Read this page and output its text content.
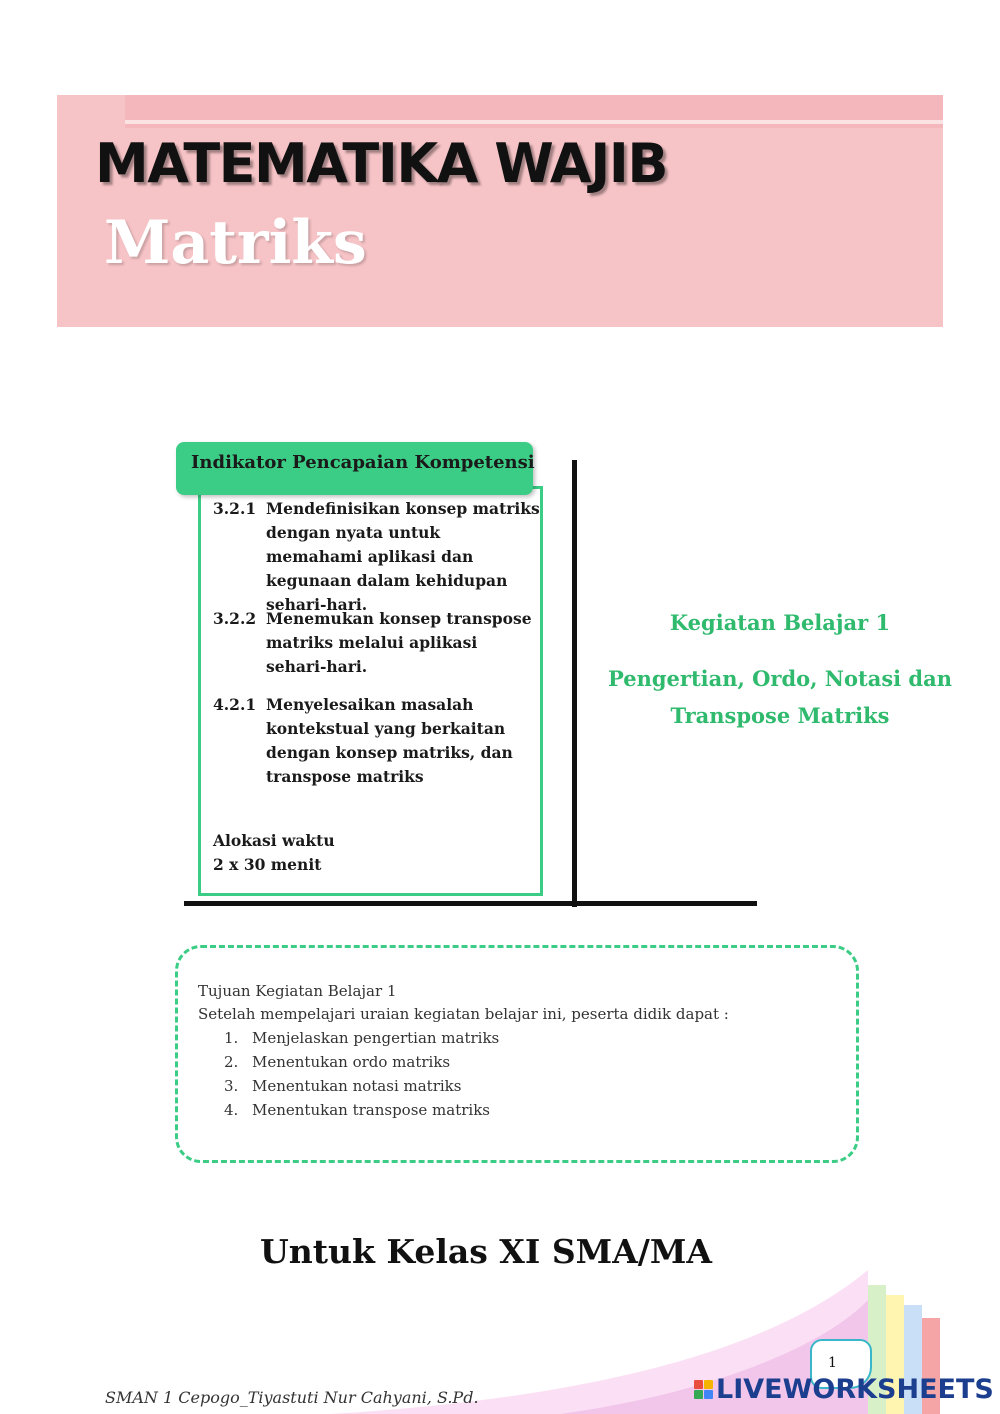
MATEMATIKA WAJIB
Matriks
3.2.1 Mendefinisikan konsep matriks dengan nyata untuk memahami aplikasi dan kegunaan dalam kehidupan sehari-hari.
3.2.2 Menemukan konsep transpose matriks melalui aplikasi sehari-hari.
4.2.1 Menyelesaikan masalah kontekstual yang berkaitan dengan konsep matriks, dan transpose matriks
Alokasi waktu
2 x 30 menit
Indikator Pencapaian Kompetensi
Kegiatan Belajar 1
Pengertian, Ordo, Notasi dan Transpose Matriks
Tujuan Kegiatan Belajar 1
Setelah mempelajari uraian kegiatan belajar ini, peserta didik dapat :
1. Menjelaskan pengertian matriks
2. Menentukan ordo matriks
3. Menentukan notasi matriks
4. Menentukan transpose matriks
Untuk Kelas XI SMA/MA
1
SMAN 1 Cepogo_Tiyastuti Nur Cahyani, S.Pd.	LIVEWORKSHEETS
